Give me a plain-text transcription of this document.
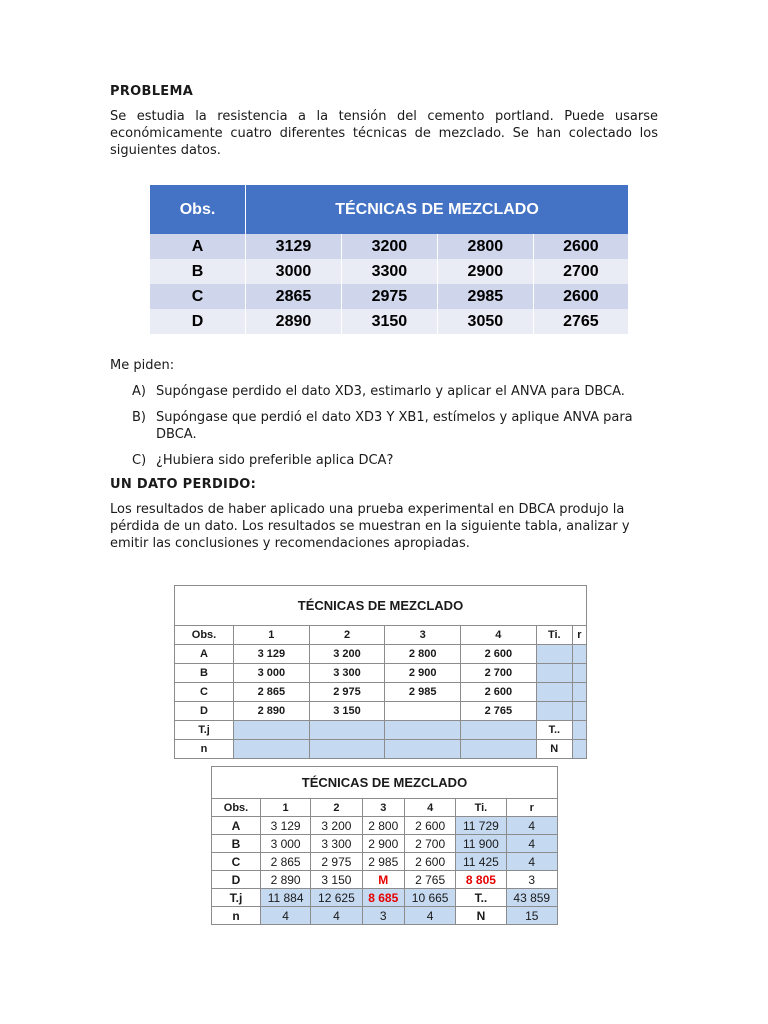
PROBLEMA

Se estudia la resistencia a la tensión del cemento portland. Puede usarse económicamente cuatro diferentes técnicas de mezclado. Se han colectado los siguientes datos.

Obs.	TÉCNICAS DE MEZCLADO			
A	3129	3200	2800	2600
B	3000	3300	2900	2700
C	2865	2975	2985	2600
D	2890	3150	3050	2765

Me piden:

A) Supóngase perdido el dato XD3, estimarlo y aplicar el ANVA para DBCA.
B) Supóngase que perdió el dato XD3 Y XB1, estímelos y aplique ANVA para DBCA.
C) ¿Hubiera sido preferible aplica DCA?

UN DATO PERDIDO:

Los resultados de haber aplicado una prueba experimental en DBCA produjo la pérdida de un dato. Los resultados se muestran en la siguiente tabla, analizar y emitir las conclusiones y recomendaciones apropiadas.

TÉCNICAS DE MEZCLADO						
Obs.	1	2	3	4	Ti.	r
A	3 129	3 200	2 800	2 600		
B	3 000	3 300	2 900	2 700		
C	2 865	2 975	2 985	2 600		
D	2 890	3 150		2 765		
T.j					T..	
n					N	
TÉCNICAS DE MEZCLADO						
Obs.	1	2	3	4	Ti.	r
A	3 129	3 200	2 800	2 600	11 729	4
B	3 000	3 300	2 900	2 700	11 900	4
C	2 865	2 975	2 985	2 600	11 425	4
D	2 890	3 150	M	2 765	8 805	3
T.j	11 884	12 625	8 685	10 665	T..	43 859
n	4	4	3	4	N	15
